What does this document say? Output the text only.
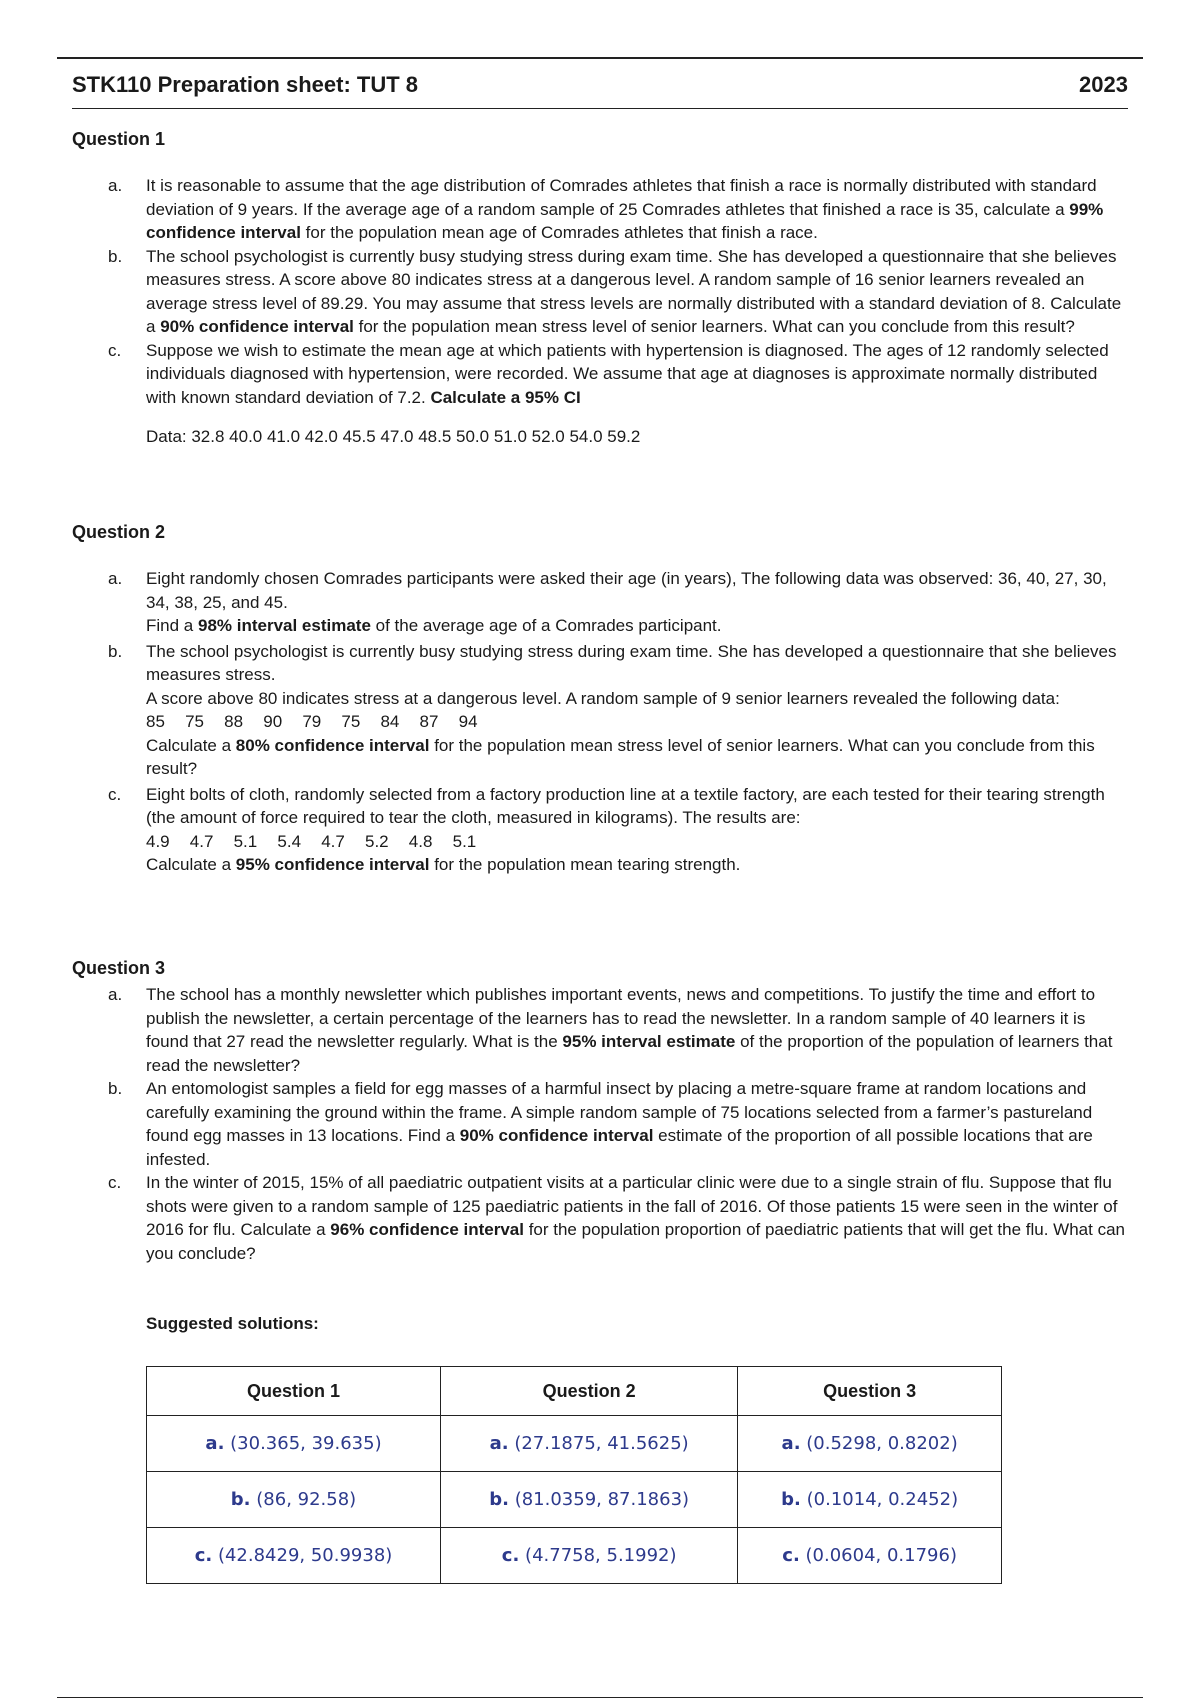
STK110 Preparation sheet: TUT 8	2023
Question 1
a.	It is reasonable to assume that the age distribution of Comrades athletes that finish a race is normally distributed with standard deviation of 9 years. If the average age of a random sample of 25 Comrades athletes that finished a race is 35, calculate a 99% confidence interval for the population mean age of Comrades athletes that finish a race.
b.	The school psychologist is currently busy studying stress during exam time. She has developed a questionnaire that she believes measures stress. A score above 80 indicates stress at a dangerous level. A random sample of 16 senior learners revealed an average stress level of 89.29. You may assume that stress levels are normally distributed with a standard deviation of 8. Calculate a 90% confidence interval for the population mean stress level of senior learners. What can you conclude from this result?
c.	Suppose we wish to estimate the mean age at which patients with hypertension is diagnosed. The ages of 12 randomly selected individuals diagnosed with hypertension, were recorded. We assume that age at diagnoses is approximate normally distributed with known standard deviation of 7.2. Calculate a 95% CI
Data: 32.8 40.0 41.0 42.0 45.5 47.0 48.5 50.0 51.0 52.0 54.0 59.2
Question 2
a.	Eight randomly chosen Comrades participants were asked their age (in years), The following data was observed: 36, 40, 27, 30, 34, 38, 25, and 45.

Find a 98% interval estimate of the average age of a Comrades participant.

b.	The school psychologist is currently busy studying stress during exam time. She has developed a questionnaire that she believes measures stress.

A score above 80 indicates stress at a dangerous level. A random sample of 9 senior learners revealed the following data:

85   75   88   90   79   75   84   87   94

Calculate a 80% confidence interval for the population mean stress level of senior learners. What can you conclude from this result?

c.	Eight bolts of cloth, randomly selected from a factory production line at a textile factory, are each tested for their tearing strength (the amount of force required to tear the cloth, measured in kilograms). The results are:

4.9   4.7   5.1   5.4   4.7   5.2   4.8   5.1

Calculate a 95% confidence interval for the population mean tearing strength.

Question 3
a.	The school has a monthly newsletter which publishes important events, news and competitions. To justify the time and effort to publish the newsletter, a certain percentage of the learners has to read the newsletter. In a random sample of 40 learners it is found that 27 read the newsletter regularly. What is the 95% interval estimate of the proportion of the population of learners that read the newsletter?
b.	An entomologist samples a field for egg masses of a harmful insect by placing a metre-square frame at random locations and carefully examining the ground within the frame. A simple random sample of 75 locations selected from a farmer’s pastureland found egg masses in 13 locations. Find a 90% confidence interval estimate of the proportion of all possible locations that are infested.
c.	In the winter of 2015, 15% of all paediatric outpatient visits at a particular clinic were due to a single strain of flu. Suppose that flu shots were given to a random sample of 125 paediatric patients in the fall of 2016. Of those patients 15 were seen in the winter of 2016 for flu. Calculate a 96% confidence interval for the population proportion of paediatric patients that will get the flu. What can you conclude?
Suggested solutions:
Question 1	Question 2	Question 3
a. (30.365, 39.635)	a. (27.1875, 41.5625)	a. (0.5298, 0.8202)
b. (86, 92.58)	b. (81.0359, 87.1863)	b. (0.1014, 0.2452)
c. (42.8429, 50.9938)	c. (4.7758, 5.1992)	c. (0.0604, 0.1796)
